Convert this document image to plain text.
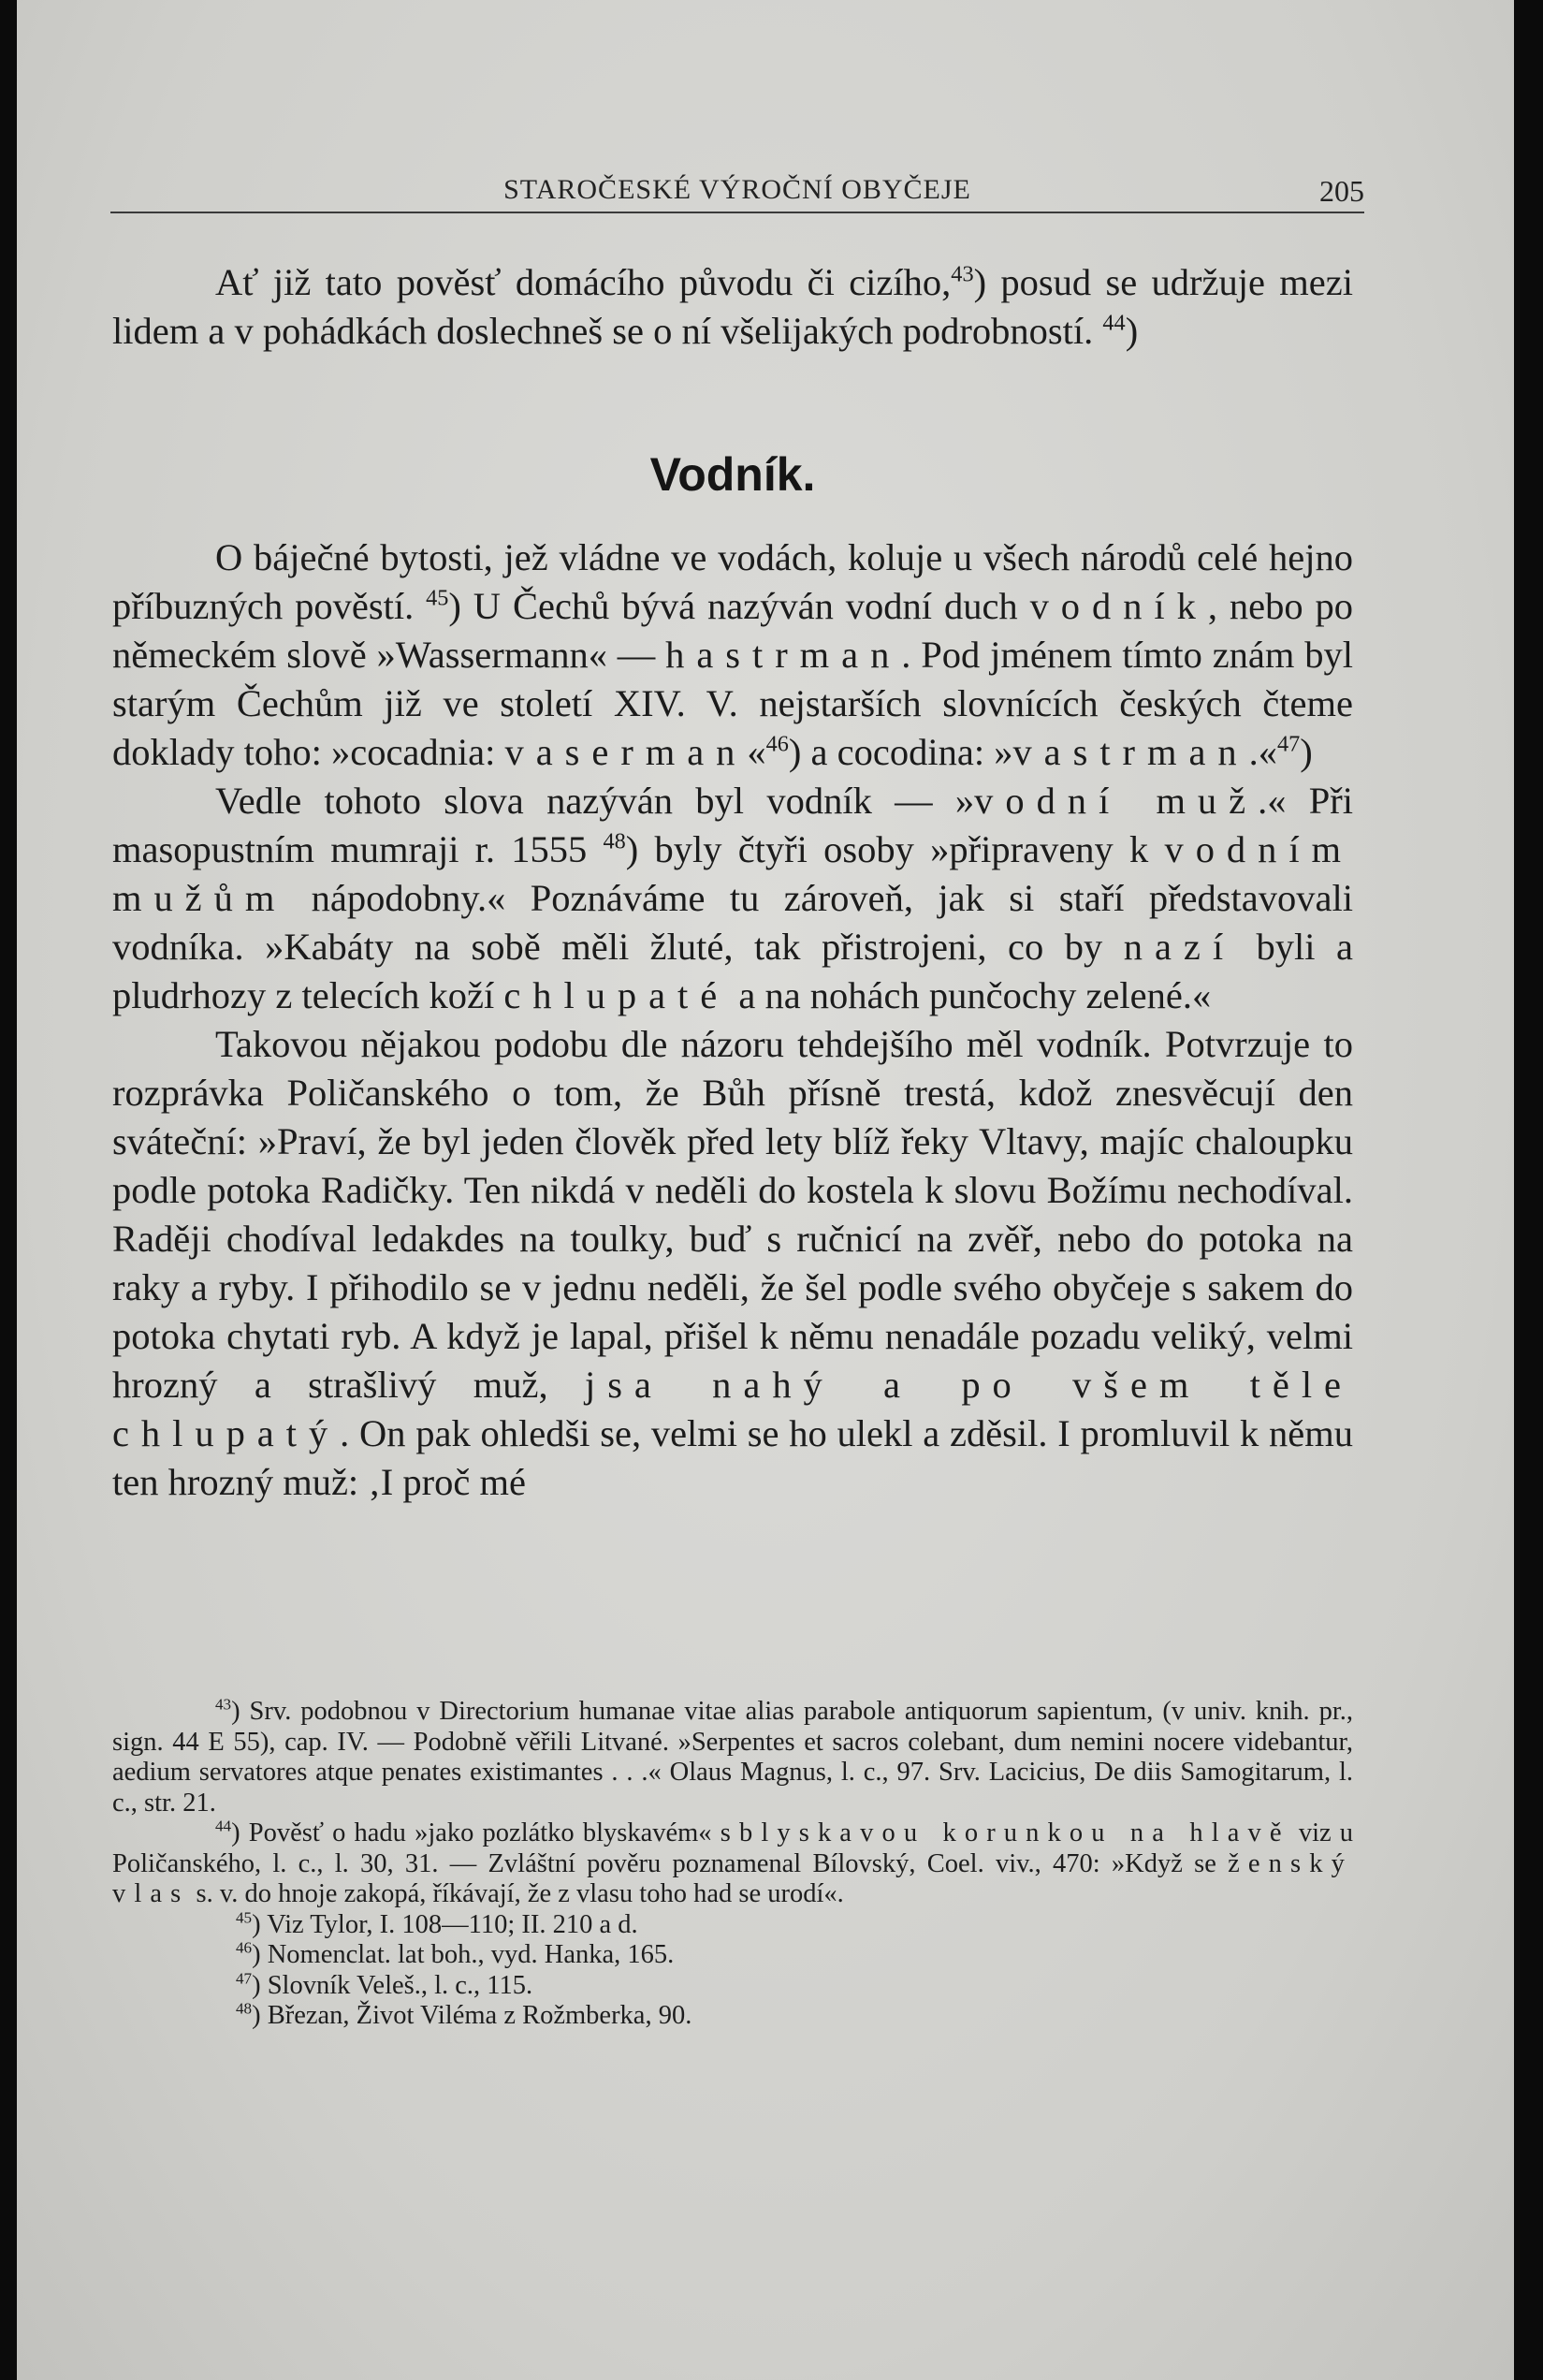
STAROČESKÉ VÝROČNÍ OBYČEJE	205

Ať již tato pověsť domácího původu či cizího,$^{43}$) posud se udržuje mezi lidem a v pohádkách doslechneš se o ní všelijakých podrobností. $^{44}$)

Vodník.

O báječné bytosti, jež vládne ve vodách, koluje u všech národů celé hejno příbuzných pověstí. $^{45}$) U Čechů bývá nazýván vodní duch vodník, nebo po německém slově »Wassermann« — hastrman. Pod jménem tímto znám byl starým Čechům již ve století XIV. V. nejstarších slovnících českých čteme doklady toho: »cocadnia: vaserman«$^{46}$) a cocodina: »vastrman.«$^{47}$)

Vedle tohoto slova nazýván byl vodník — »vodní muž.« Při masopustním mumraji r. 1555 $^{48}$) byly čtyři osoby »připraveny k vodním mužům nápodobny.« Poznáváme tu zároveň, jak si staří představovali vodníka. »Kabáty na sobě měli žluté, tak přistrojeni, co by nazí byli a pludrhozy z telecích koží chlupaté a na nohách punčochy zelené.«

Takovou nějakou podobu dle názoru tehdejšího měl vodník. Potvrzuje to rozprávka Poličanského o tom, že Bůh přísně trestá, kdož znesvěcují den sváteční: »Praví, že byl jeden člověk před lety blíž řeky Vltavy, majíc chaloupku podle potoka Radičky. Ten nikdá v neděli do kostela k slovu Božímu nechodíval. Raději chodíval ledakdes na toulky, buď s ručnicí na zvěř, nebo do potoka na raky a ryby. I přihodilo se v jednu neděli, že šel podle svého obyčeje s sakem do potoka chytati ryb. A když je lapal, přišel k němu nenadále pozadu veliký, velmi hrozný a strašlivý muž, jsa nahý a po všem těle chlupatý. On pak ohledši se, velmi se ho ulekl a zděsil. I promluvil k němu ten hrozný muž: ‚I proč mé

$^{43}$) Srv. podobnou v Directorium humanae vitae alias parabole antiquorum sapientum, (v univ. knih. pr., sign. 44 E 55), cap. IV. — Podobně věřili Litvané. »Serpentes et sacros colebant, dum nemini nocere videbantur, aedium servatores atque penates existimantes . . .« Olaus Magnus, l. c., 97. Srv. Lacicius, De diis Samogitarum, l. c., str. 21.

$^{44}$) Pověsť o hadu »jako pozlátko blyskavém« s blyskavou korunkou na hlavě viz u Poličanského, l. c., l. 30, 31. — Zvláštní pověru poznamenal Bílovský, Coel. viv., 470: »Když se ženský vlas s. v. do hnoje zakopá, říkávají, že z vlasu toho had se urodí«.

$^{45}$) Viz Tylor, I. 108—110; II. 210 a d.

$^{46}$) Nomenclat. lat boh., vyd. Hanka, 165.

$^{47}$) Slovník Veleš., l. c., 115.

$^{48}$) Březan, Život Viléma z Rožmberka, 90.
